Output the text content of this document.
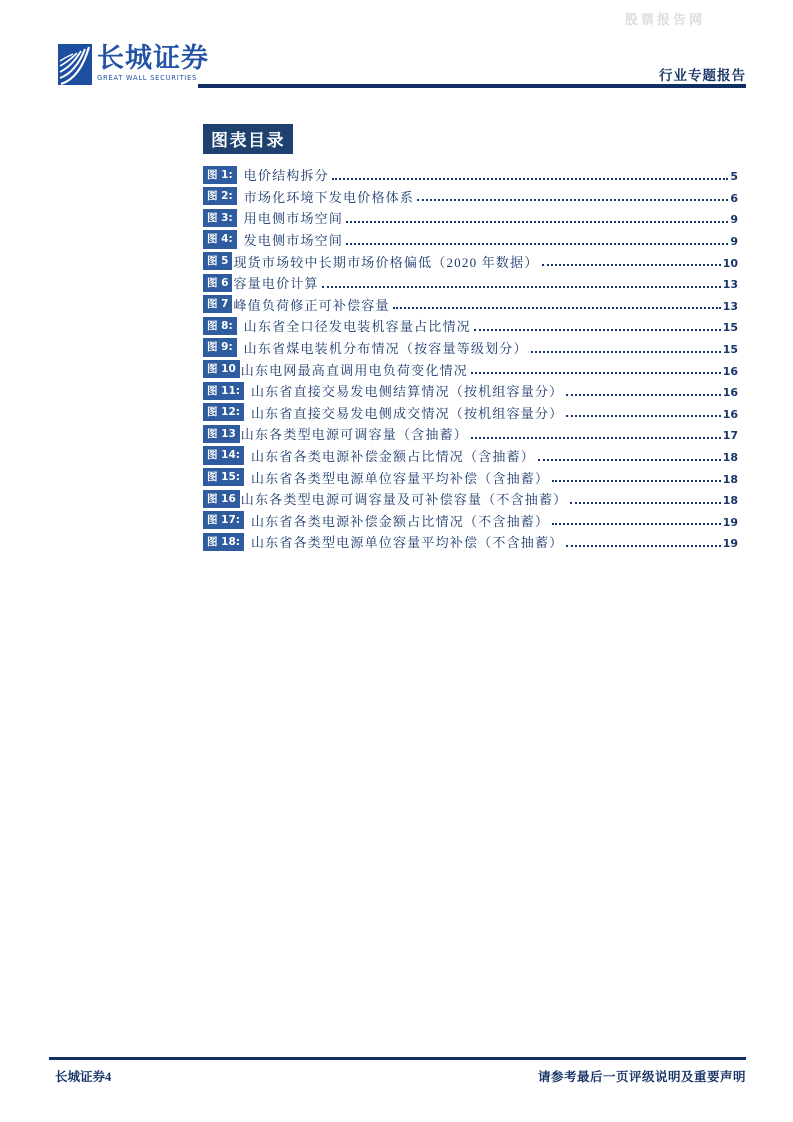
股票报告网
长城证券
GREAT WALL SECURITIES	行业专题报告
图表目录
图 1: 电价结构拆分	5
图 2: 市场化环境下发电价格体系	6
图 3: 用电侧市场空间	9
图 4: 发电侧市场空间	9
图 5 现货市场较中长期市场价格偏低（2020 年数据）	10
图 6 容量电价计算	13
图 7 峰值负荷修正可补偿容量	13
图 8: 山东省全口径发电装机容量占比情况	15
图 9: 山东省煤电装机分布情况（按容量等级划分）	15
图 10 山东电网最高直调用电负荷变化情况	16
图 11: 山东省直接交易发电侧结算情况（按机组容量分）	16
图 12: 山东省直接交易发电侧成交情况（按机组容量分）	16
图 13 山东各类型电源可调容量（含抽蓄）	17
图 14: 山东省各类电源补偿金额占比情况（含抽蓄）	18
图 15: 山东省各类型电源单位容量平均补偿（含抽蓄）	18
图 16 山东各类型电源可调容量及可补偿容量（不含抽蓄）	18
图 17: 山东省各类电源补偿金额占比情况（不含抽蓄）	19
图 18: 山东省各类型电源单位容量平均补偿（不含抽蓄）	19
长城证券4	请参考最后一页评级说明及重要声明
